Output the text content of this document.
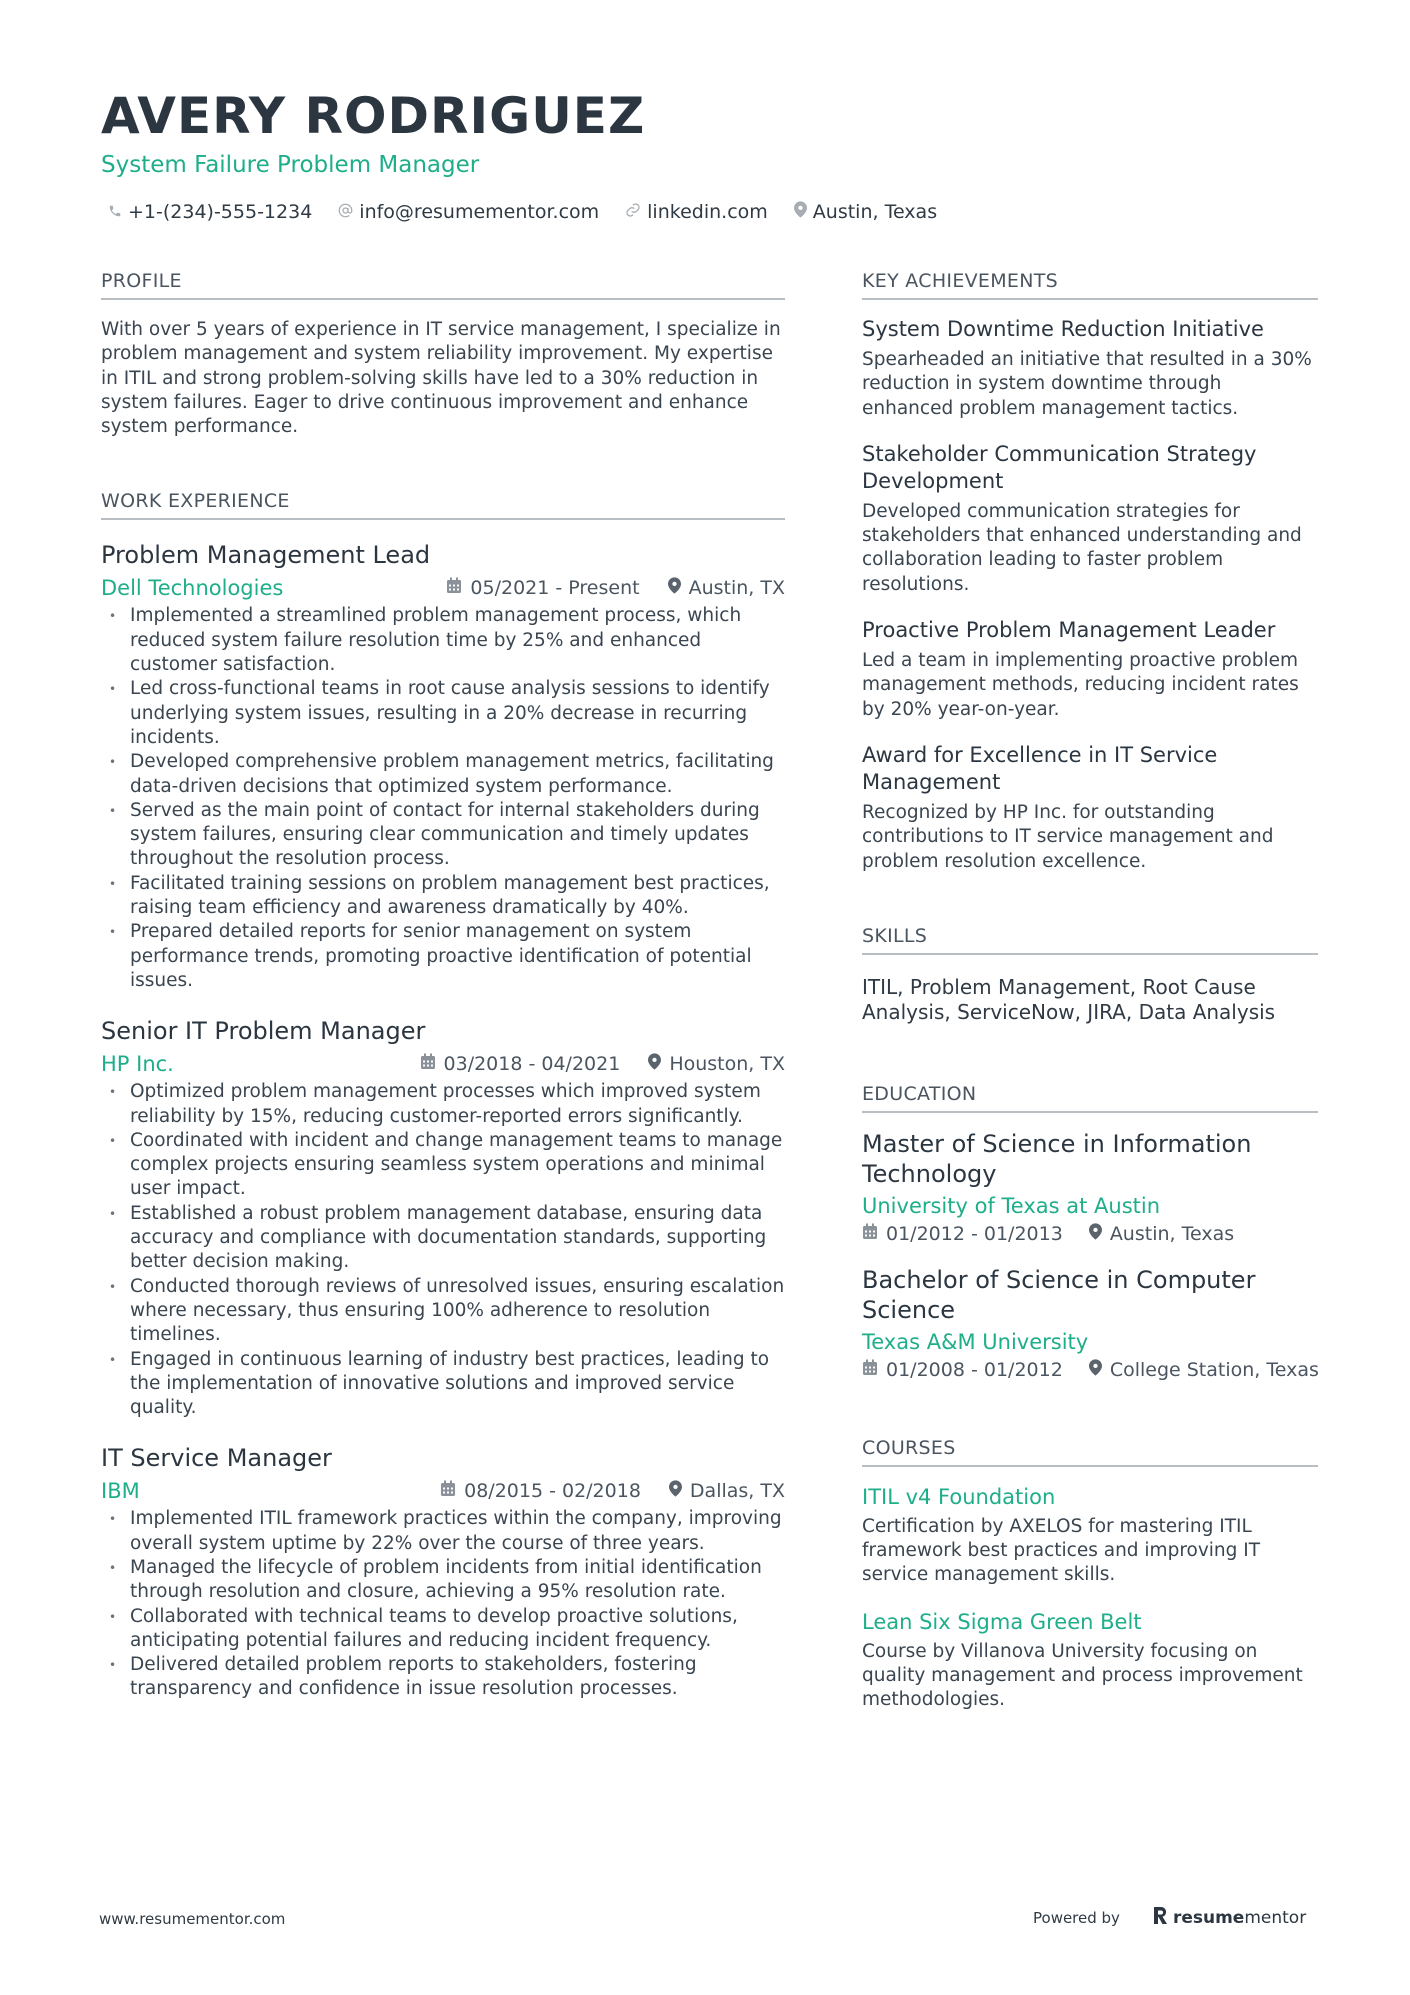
AVERY RODRIGUEZ
System Failure Problem Manager
+1-(234)-555-1234 info@resumementor.com	linkedin.com Austin, Texas
PROFILE

With over 5 years of experience in IT service management, I specialize in problem management and system reliability improvement. My expertise in ITIL and strong problem-solving skills have led to a 30% reduction in system failures. Eager to drive continuous improvement and enhance system performance.

WORK EXPERIENCE
Problem Management Lead
Dell Technologies	05/2021 - Present	Austin, TX
• Implemented a streamlined problem management process, which reduced system failure resolution time by 25% and enhanced customer satisfaction.
• Led cross-functional teams in root cause analysis sessions to identify underlying system issues, resulting in a 20% decrease in recurring incidents.
• Developed comprehensive problem management metrics, facilitating data-driven decisions that optimized system performance.
• Served as the main point of contact for internal stakeholders during system failures, ensuring clear communication and timely updates throughout the resolution process.
• Facilitated training sessions on problem management best practices, raising team efficiency and awareness dramatically by 40%.
• Prepared detailed reports for senior management on system performance trends, promoting proactive identification of potential issues.
Senior IT Problem Manager
HP Inc.	03/2018 - 04/2021	Houston, TX
• Optimized problem management processes which improved system reliability by 15%, reducing customer-reported errors significantly.
• Coordinated with incident and change management teams to manage complex projects ensuring seamless system operations and minimal user impact.
• Established a robust problem management database, ensuring data accuracy and compliance with documentation standards, supporting better decision making.
• Conducted thorough reviews of unresolved issues, ensuring escalation where necessary, thus ensuring 100% adherence to resolution timelines.
• Engaged in continuous learning of industry best practices, leading to the implementation of innovative solutions and improved service quality.
IT Service Manager
IBM	08/2015 - 02/2018	Dallas, TX
• Implemented ITIL framework practices within the company, improving overall system uptime by 22% over the course of three years.
• Managed the lifecycle of problem incidents from initial identification through resolution and closure, achieving a 95% resolution rate.
• Collaborated with technical teams to develop proactive solutions, anticipating potential failures and reducing incident frequency.
• Delivered detailed problem reports to stakeholders, fostering transparency and confidence in issue resolution processes.
KEY ACHIEVEMENTS
System Downtime Reduction Initiative
Spearheaded an initiative that resulted in a 30% reduction in system downtime through enhanced problem management tactics.
Stakeholder Communication Strategy Development
Developed communication strategies for stakeholders that enhanced understanding and collaboration leading to faster problem resolutions.
Proactive Problem Management Leader
Led a team in implementing proactive problem management methods, reducing incident rates by 20% year-on-year.
Award for Excellence in IT Service Management
Recognized by HP Inc. for outstanding contributions to IT service management and problem resolution excellence.
SKILLS

ITIL, Problem Management, Root Cause Analysis, ServiceNow, JIRA, Data Analysis

EDUCATION
Master of Science in Information Technology
University of Texas at Austin
01/2012 - 01/2013 Austin, Texas
Bachelor of Science in Computer Science
Texas A&M University
01/2008 - 01/2012 College Station, Texas
COURSES
ITIL v4 Foundation
Certification by AXELOS for mastering ITIL framework best practices and improving IT service management skills.
Lean Six Sigma Green Belt
Course by Villanova University focusing on quality management and process improvement methodologies.
www.resumementor.com	Powered by	resume mentor
